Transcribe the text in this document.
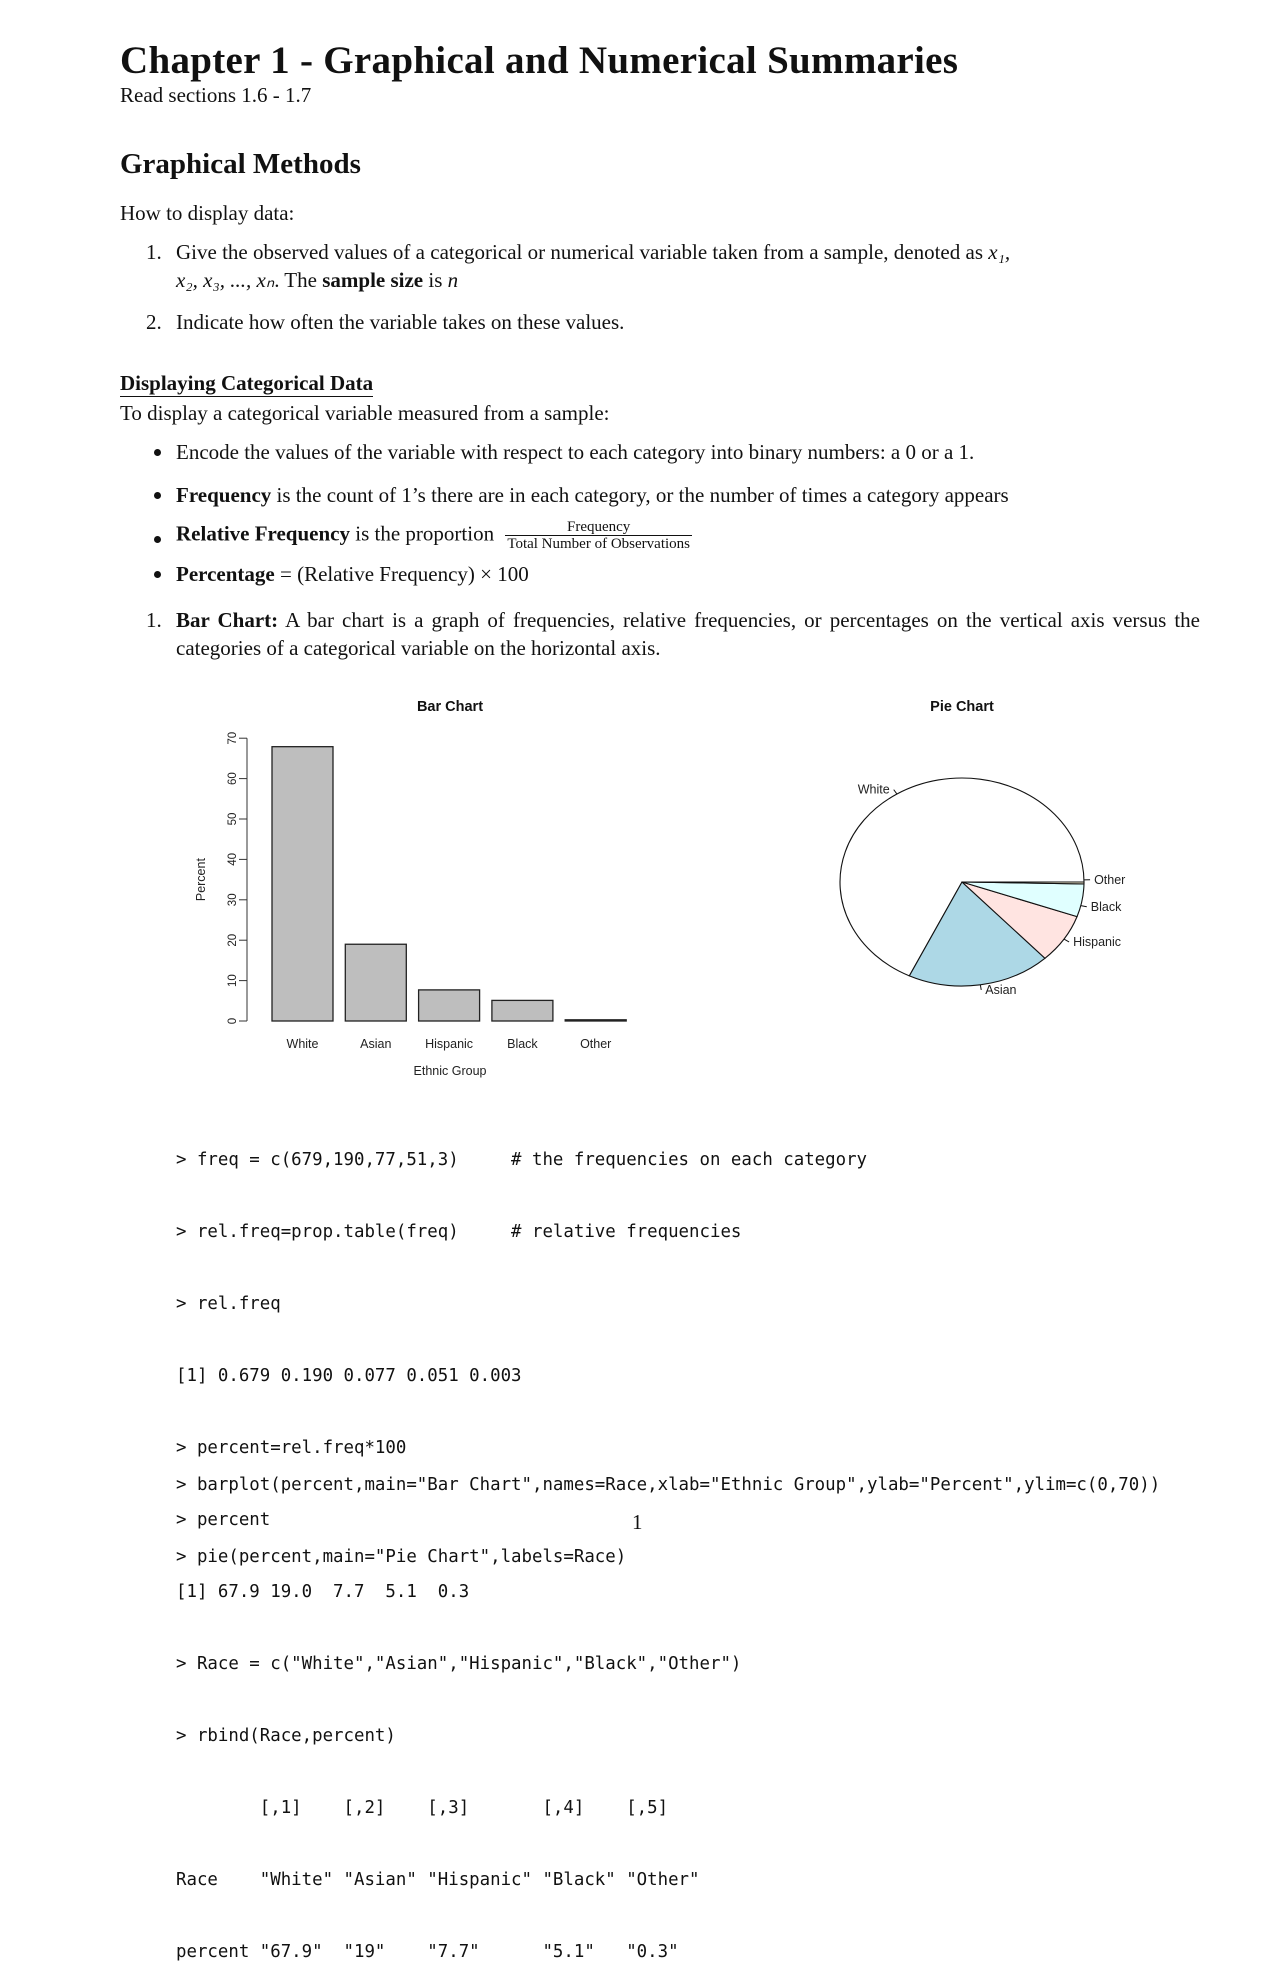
Chapter 1 - Graphical and Numerical Summaries
Read sections 1.6 - 1.7
Graphical Methods
How to display data:
1. Give the observed values of a categorical or numerical variable taken from a sample, denoted as x₁,
x₂, x₃, ..., xₙ. The sample size is n
2. Indicate how often the variable takes on these values.
Displaying Categorical Data
To display a categorical variable measured from a sample:
Encode the values of the variable with respect to each category into binary numbers: a 0 or a 1.
Frequency is the count of 1’s there are in each category, or the number of times a category appears
Relative Frequency is the proportion $\frac{\text{Frequency}}{\text{Total Number of Observations}}$
Percentage = (Relative Frequency) × 100
1. Bar Chart: A bar chart is a graph of frequencies, relative frequencies, or percentages on the vertical axis versus the categories of a categorical variable on the horizontal axis.
Bar Chart
0
10
20
30
40
50
60
70
Percent
White	Asian	Hispanic	Black	Other
Ethnic Group
Pie Chart
White
Asian
Hispanic
Black
Other

> freq = c(679,190,77,51,3)     # the frequencies on each category

> rel.freq=prop.table(freq)     # relative frequencies

> rel.freq

[1] 0.679 0.190 0.077 0.051 0.003

> percent=rel.freq*100

> percent

[1] 67.9 19.0  7.7  5.1  0.3

> Race = c("White","Asian","Hispanic","Black","Other")

> rbind(Race,percent)

[,1]    [,2]    [,3]       [,4]    [,5]

Race    "White" "Asian" "Hispanic" "Black" "Other"

percent "67.9"  "19"    "7.7"      "5.1"   "0.3"

> barplot(percent,main="Bar Chart",names=Race,xlab="Ethnic Group",ylab="Percent",ylim=c(0,70))

> pie(percent,main="Pie Chart",labels=Race)

1
